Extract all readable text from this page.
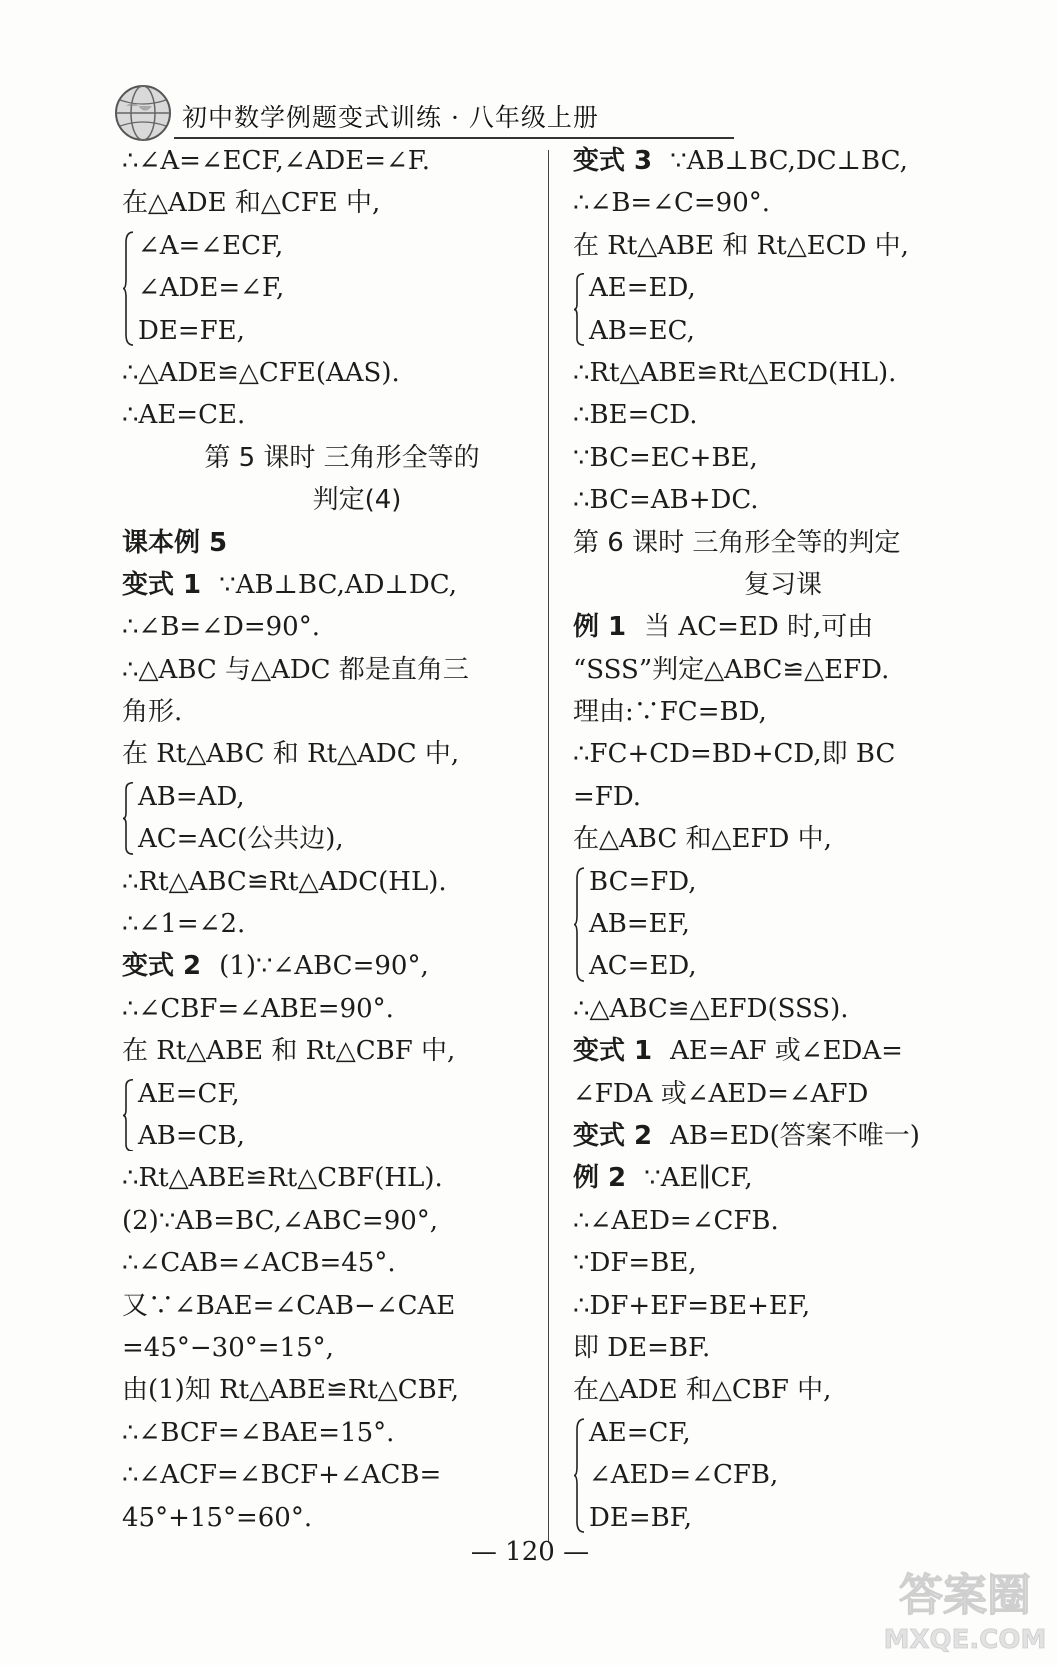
初中数学例题变式训练 · 八年级上册
∴∠A=∠ECF,∠ADE=∠F.
在△ADE 和△CFE 中,
∠A=∠ECF,
∠ADE=∠F,
DE=FE,
∴△ADE≌△CFE(AAS).
∴AE=CE.
第 5 课时 三角形全等的
判定(4)
课本例 5
变式 1 ∵AB⊥BC,AD⊥DC,
∴∠B=∠D=90°.
∴△ABC 与△ADC 都是直角三
角形.
在 Rt△ABC 和 Rt△ADC 中,
AB=AD,
AC=AC(公共边),
∴Rt△ABC≌Rt△ADC(HL).
∴∠1=∠2.
变式 2 (1)∵∠ABC=90°,
∴∠CBF=∠ABE=90°.
在 Rt△ABE 和 Rt△CBF 中,
AE=CF,
AB=CB,
∴Rt△ABE≌Rt△CBF(HL).
(2)∵AB=BC,∠ABC=90°,
∴∠CAB=∠ACB=45°.
又∵∠BAE=∠CAB−∠CAE
=45°−30°=15°,
由(1)知 Rt△ABE≌Rt△CBF,
∴∠BCF=∠BAE=15°.
∴∠ACF=∠BCF+∠ACB=
45°+15°=60°.
变式 3 ∵AB⊥BC,DC⊥BC,
∴∠B=∠C=90°.
在 Rt△ABE 和 Rt△ECD 中,
AE=ED,
AB=EC,
∴Rt△ABE≌Rt△ECD(HL).
∴BE=CD.
∵BC=EC+BE,
∴BC=AB+DC.
第 6 课时 三角形全等的判定
复习课
例 1 当 AC=ED 时,可由
“SSS”判定△ABC≌△EFD.
理由:∵FC=BD,
∴FC+CD=BD+CD,即 BC
=FD.
在△ABC 和△EFD 中,
BC=FD,
AB=EF,
AC=ED,
∴△ABC≌△EFD(SSS).
变式 1 AE=AF 或∠EDA=
∠FDA 或∠AED=∠AFD
变式 2 AB=ED(答案不唯一)
例 2 ∵AE∥CF,
∴∠AED=∠CFB.
∵DF=BE,
∴DF+EF=BE+EF,
即 DE=BF.
在△ADE 和△CBF 中,
AE=CF,
∠AED=∠CFB,
DE=BF,
— 120 —
答案圈
MXQE.COM
